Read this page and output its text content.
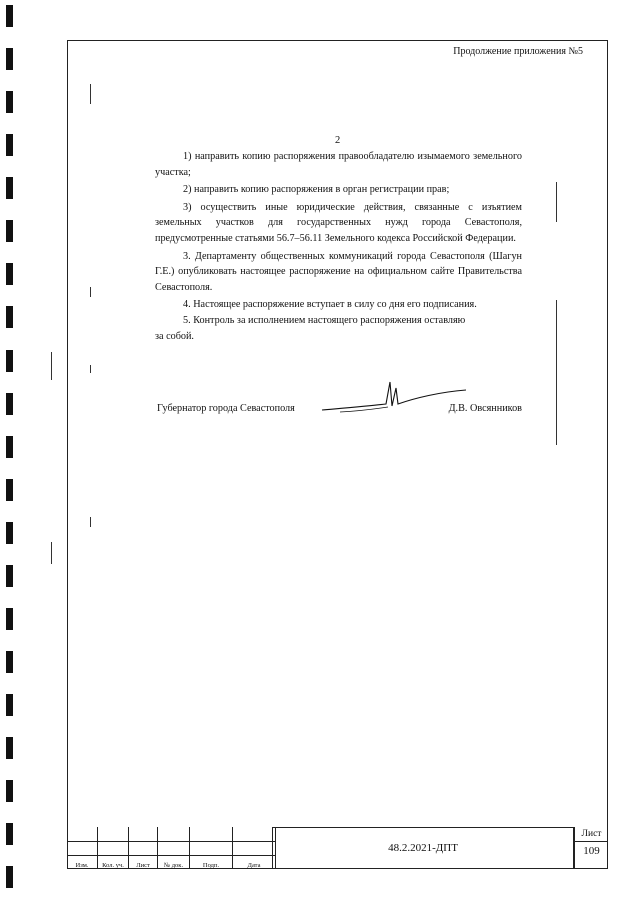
Продолжение приложения №5
2

1) направить копию распоряжения правообладателю изымаемого земельного участка;

2) направить копию распоряжения в орган регистрации прав;

3) осуществить иные юридические действия, связанные с изъятием земельных участков для государственных нужд города Севастополя, предусмотренные статьями 56.7–56.11 Земельного кодекса Российской Федерации.

3. Департаменту общественных коммуникаций города Севастополя (Шагун Г.Е.) опубликовать настоящее распоряжение на официальном сайте Правительства Севастополя.

4. Настоящее распоряжение вступает в силу со дня его подписания.

5. Контроль за исполнением настоящего распоряжения оставляю

за собой.

Губернатор города Севастополя	Д.В. Овсянников

Изм.	Кол. уч.	Лист	№ док.	Подп.	Дата
48.2.2021-ДПТ
Лист
109
